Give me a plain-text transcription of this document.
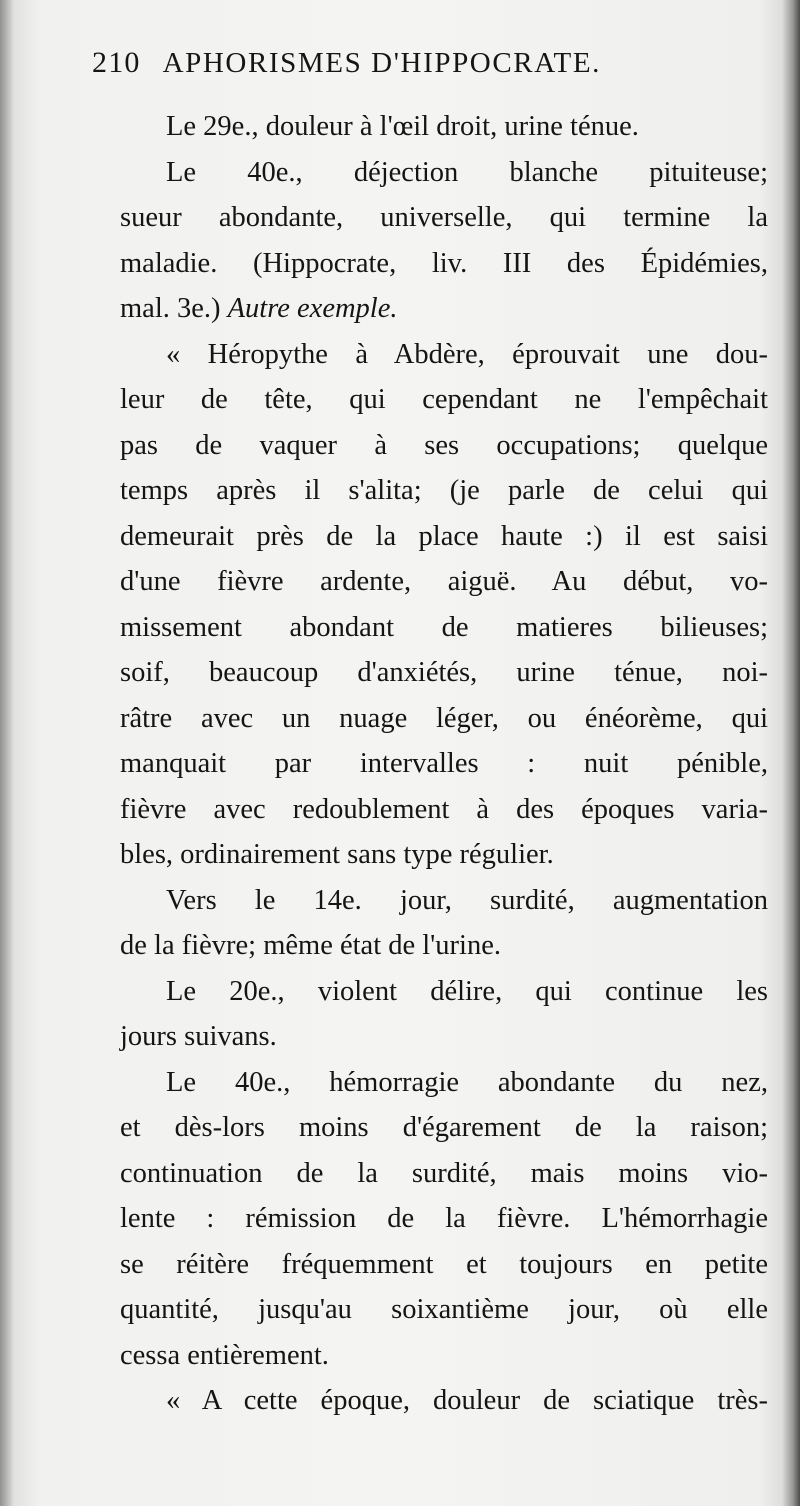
210 APHORISMES D'HIPPOCRATE.

Le 29e., douleur à l'œil droit, urine ténue.

Le 40e., déjection blanche pituiteuse;
sueur abondante, universelle, qui termine la
maladie. (Hippocrate, liv. III des Épidémies,
mal. 3e.) Autre exemple.

« Héropythe à Abdère, éprouvait une dou-
leur de tête, qui cependant ne l'empêchait
pas de vaquer à ses occupations; quelque
temps après il s'alita; (je parle de celui qui
demeurait près de la place haute :) il est saisi
d'une fièvre ardente, aiguë. Au début, vo-
missement abondant de matieres bilieuses;
soif, beaucoup d'anxiétés, urine ténue, noi-
râtre avec un nuage léger, ou énéorème, qui
manquait par intervalles : nuit pénible,
fièvre avec redoublement à des époques varia-
bles, ordinairement sans type régulier.

Vers le 14e. jour, surdité, augmentation
de la fièvre; même état de l'urine.

Le 20e., violent délire, qui continue les
jours suivans.

Le 40e., hémorragie abondante du nez,
et dès-lors moins d'égarement de la raison;
continuation de la surdité, mais moins vio-
lente : rémission de la fièvre. L'hémorrhagie
se réitère fréquemment et toujours en petite
quantité, jusqu'au soixantième jour, où elle
cessa entièrement.

« A cette époque, douleur de sciatique très-
